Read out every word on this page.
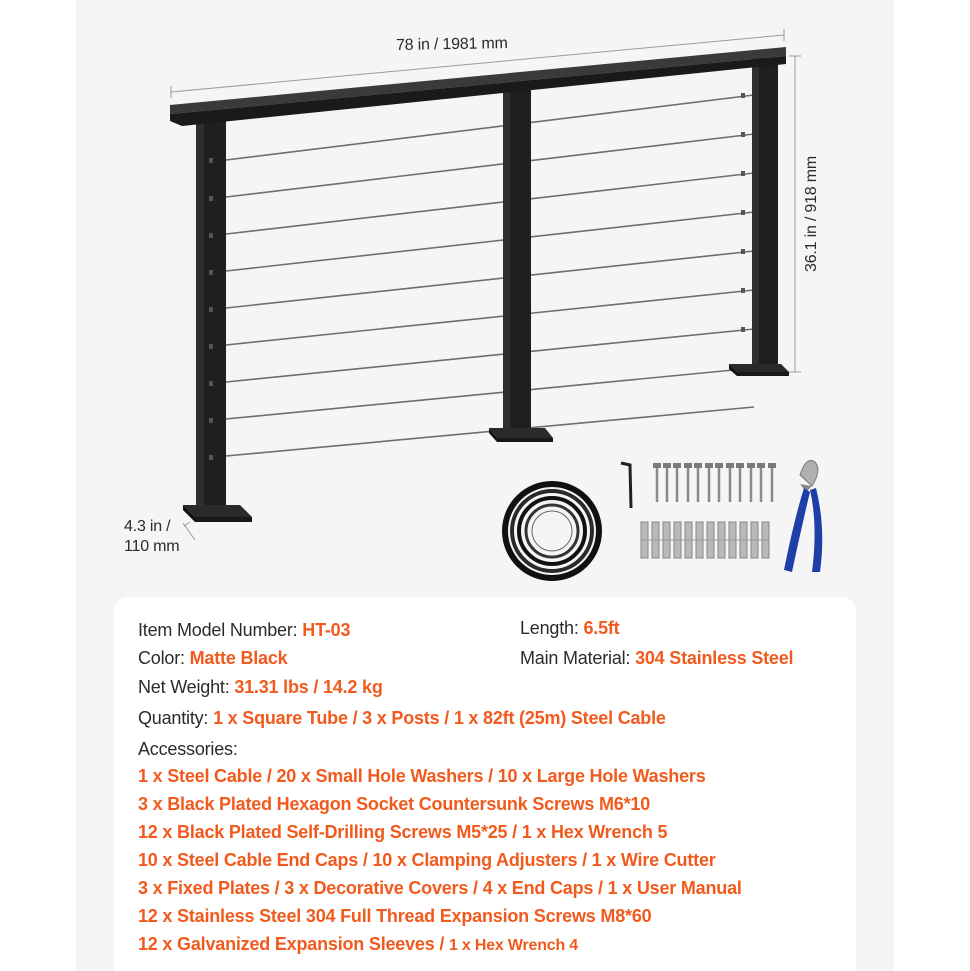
78 in / 1981 mm
36.1 in / 918 mm
4.3 in /
110 mm
Item Model Number: HT-03	Length: 6.5ft
Color: Matte Black	Main Material: 304 Stainless Steel
Net Weight: 31.31 lbs / 14.2 kg
Quantity: 1 x Square Tube / 3 x Posts / 1 x 82ft (25m) Steel Cable
Accessories:
1 x Steel Cable / 20 x Small Hole Washers / 10 x Large Hole Washers
3 x Black Plated Hexagon Socket Countersunk Screws M6*10
12 x Black Plated Self-Drilling Screws M5*25 / 1 x Hex Wrench 5
10 x Steel Cable End Caps / 10 x Clamping Adjusters / 1 x Wire Cutter
3 x Fixed Plates / 3 x Decorative Covers / 4 x End Caps / 1 x User Manual
12 x Stainless Steel 304 Full Thread Expansion Screws M8*60
12 x Galvanized Expansion Sleeves / 1 x Hex Wrench 4
